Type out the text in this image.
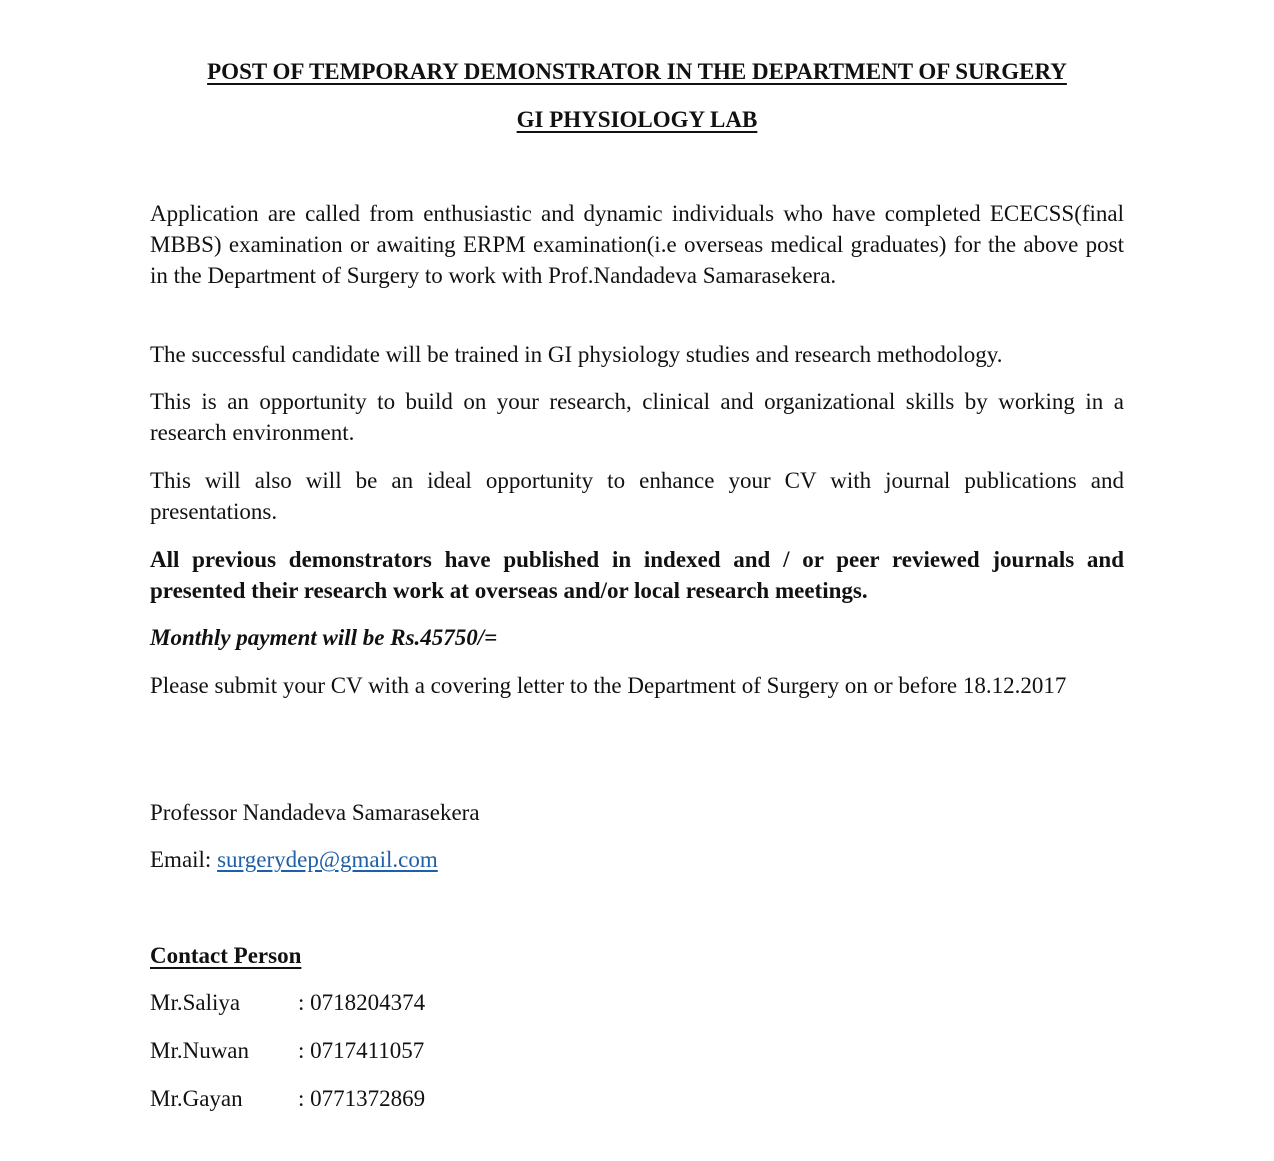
POST OF TEMPORARY DEMONSTRATOR IN THE DEPARTMENT OF SURGERY
GI PHYSIOLOGY LAB

Application are called from enthusiastic and dynamic individuals who have completed ECECSS(final MBBS) examination or awaiting ERPM examination(i.e overseas medical graduates) for the above post in the Department of Surgery to work with Prof.Nandadeva Samarasekera.

The successful candidate will be trained in GI physiology studies and research methodology.

This is an opportunity to build on your research, clinical and organizational skills by working in a research environment.

This will also will be an ideal opportunity to enhance your CV with journal publications and presentations.

All previous demonstrators have published in indexed and / or peer reviewed journals and presented their research work at overseas and/or local research meetings.

Monthly payment will be Rs.45750/=

Please submit your CV with a covering letter to the Department of Surgery on or before 18.12.2017

Professor Nandadeva Samarasekera

Email: surgerydep@gmail.com

Contact Person

Mr.Saliya	: 0718204374
Mr.Nuwan : 0717411057
Mr.Gayan : 0771372869
